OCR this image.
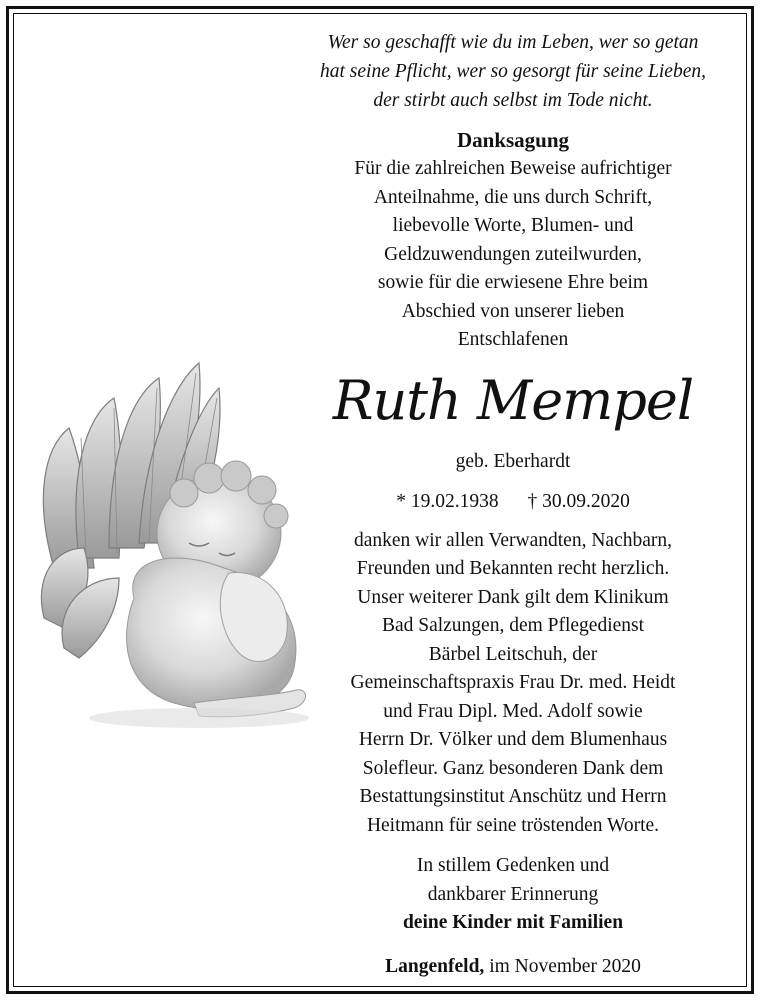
Wer so geschafft wie du im Leben, wer so getan
hat seine Pflicht, wer so gesorgt für seine Lieben,
der stirbt auch selbst im Tode nicht.
Danksagung
Für die zahlreichen Beweise aufrichtiger
Anteilnahme, die uns durch Schrift,
liebevolle Worte, Blumen- und
Geldzuwendungen zuteilwurden,
sowie für die erwiesene Ehre beim
Abschied von unserer lieben
Entschlafenen
Ruth Mempel
geb. Eberhardt
* 19.02.1938 † 30.09.2020
danken wir allen Verwandten, Nachbarn,
Freunden und Bekannten recht herzlich.
Unser weiterer Dank gilt dem Klinikum
Bad Salzungen, dem Pflegedienst
Bärbel Leitschuh, der
Gemeinschaftspraxis Frau Dr. med. Heidt
und Frau Dipl. Med. Adolf sowie
Herrn Dr. Völker und dem Blumenhaus
Solefleur. Ganz besonderen Dank dem
Bestattungsinstitut Anschütz und Herrn
Heitmann für seine tröstenden Worte.
In stillem Gedenken und
dankbarer Erinnerung
deine Kinder mit Familien
Langenfeld, im November 2020
